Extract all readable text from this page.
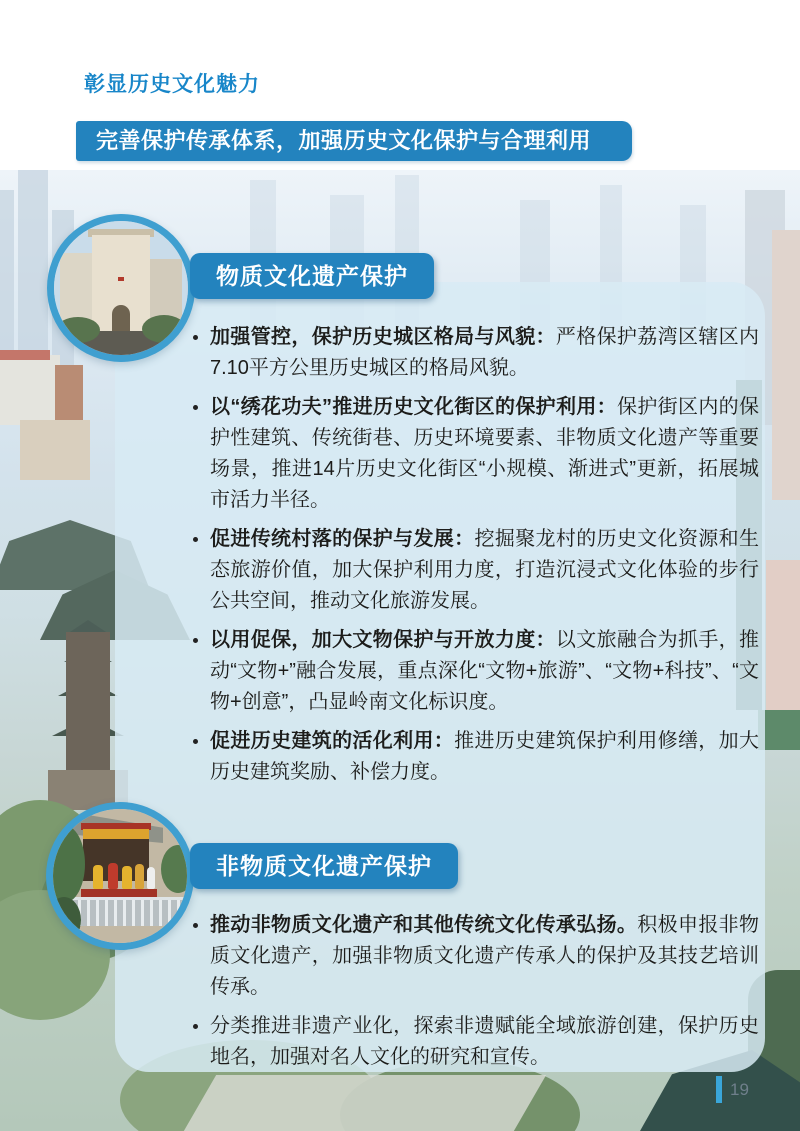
彰显历史文化魅力
完善保护传承体系，加强历史文化保护与合理利用
物质文化遗产保护
加强管控，保护历史城区格局与风貌：严格保护荔湾区辖区内7.10平方公里历史城区的格局风貌。
以“绣花功夫”推进历史文化街区的保护利用：保护街区内的保护性建筑、传统街巷、历史环境要素、非物质文化遗产等重要场景，推进14片历史文化街区“小规模、渐进式”更新，拓展城市活力半径。
促进传统村落的保护与发展：挖掘聚龙村的历史文化资源和生态旅游价值，加大保护利用力度，打造沉浸式文化体验的步行公共空间，推动文化旅游发展。
以用促保，加大文物保护与开放力度：以文旅融合为抓手，推动“文物+”融合发展，重点深化“文物+旅游”、“文物+科技”、“文物+创意”，凸显岭南文化标识度。
促进历史建筑的活化利用：推进历史建筑保护利用修缮，加大历史建筑奖励、补偿力度。
非物质文化遗产保护
推动非物质文化遗产和其他传统文化传承弘扬。积极申报非物质文化遗产，加强非物质文化遗产传承人的保护及其技艺培训传承。
分类推进非遗产业化，探索非遗赋能全域旅游创建，保护历史地名，加强对名人文化的研究和宣传。
19
